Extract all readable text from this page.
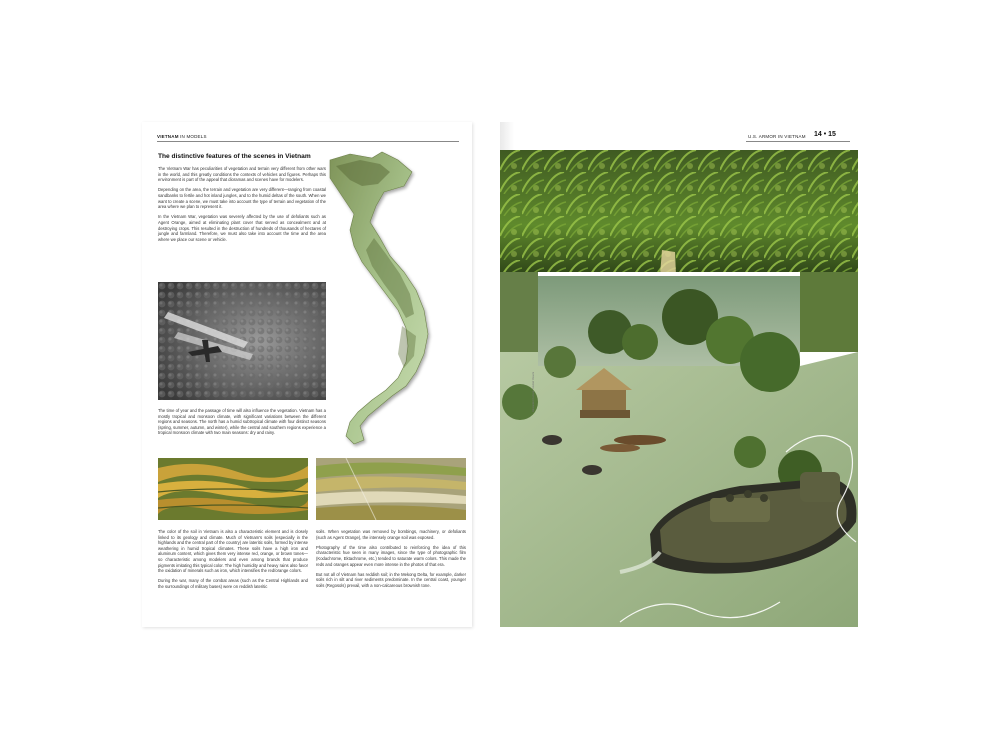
VIETNAM IN MODELS
The distinctive features of the scenes in Vietnam

The Vietnam War has peculiarities of vegetation and terrain very different from other wars in the world, and this greatly conditions the contexts of vehicles and figures. Perhaps this environment is part of the appeal that dioramas and scenes have for modelers.

Depending on the area, the terrain and vegetation are very different—ranging from coastal sandbanks to fertile and hot inland jungles, and to the humid deltas of the south. When we want to create a scene, we must take into account the type of terrain and vegetation of the area where we plan to represent it.

In the Vietnam War, vegetation was severely affected by the use of defoliants such as Agent Orange, aimed at eliminating plant cover that served as concealment and at destroying crops. This resulted in the destruction of hundreds of thousands of hectares of jungle and farmland. Therefore, we must also take into account the time and the area where we place our scene or vehicle.

The time of year and the passage of time will also influence the vegetation. Vietnam has a mostly tropical and monsoon climate, with significant variations between the different regions and seasons. The north has a humid subtropical climate with four distinct seasons (spring, summer, autumn, and winter), while the central and southern regions experience a tropical monsoon climate with two main seasons: dry and rainy.

The color of the soil in Vietnam is also a characteristic element and is closely linked to its geology and climate. Much of Vietnam's soils (especially in the highlands and the central part of the country) are lateritic soils, formed by intense weathering in humid tropical climates. These soils have a high iron and aluminum content, which gives them very intense red, orange, or brown tones—so characteristic among modelers and even among brands that produce pigments imitating this typical color. The high humidity and heavy rains also favor the oxidation of minerals such as iron, which intensifies the red/orange colors.

During the war, many of the combat areas (such as the Central Highlands and the surroundings of military bases) were on reddish lateritic

soils. When vegetation was removed by bombings, machinery, or defoliants (such as Agent Orange), the intensely orange soil was exposed.

Photography of the time also contributed to reinforcing the idea of this characteristic hue seen in many images, since the type of photographic film (Kodachrome, Ektachrome, etc.) tended to saturate warm colors. This made the reds and oranges appear even more intense in the photos of that era.

But not all of Vietnam has reddish soil; in the Mekong Delta, for example, darker soils rich in silt and river sediments predominate. In the central coast, younger soils (Regosols) prevail, with a non-calcareous brownish tone.

U.S. ARMOR IN VIETNAM 14 • 15
Alexander Cocoza · Hunter Ossom
